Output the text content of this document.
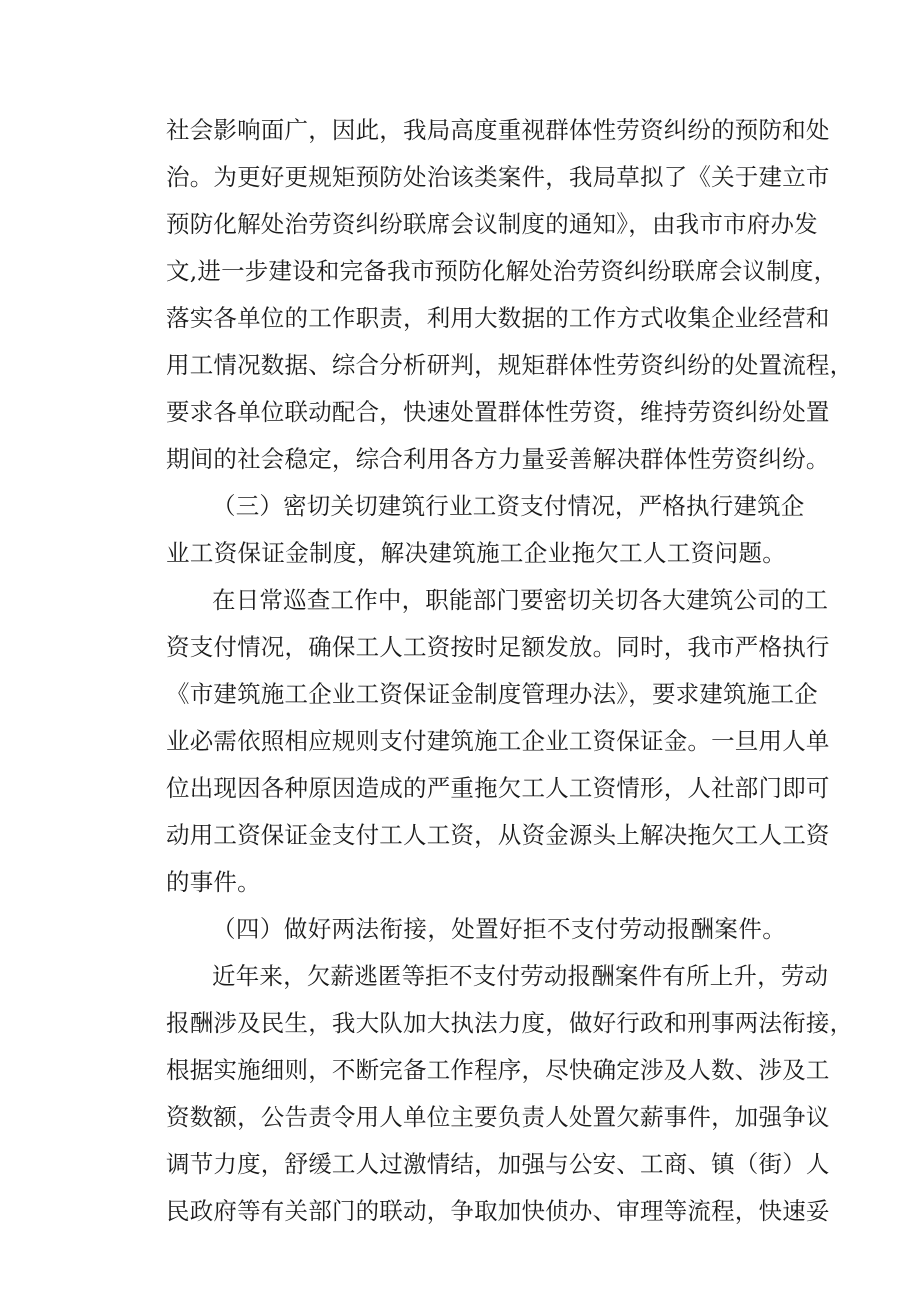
社会影响面广，因此，我局高度重视群体性劳资纠纷的预防和处
治。为更好更规矩预防处治该类案件，我局草拟了《关于建立市
预防化解处治劳资纠纷联席会议制度的通知》，由我市市府办发
文,进一步建设和完备我市预防化解处治劳资纠纷联席会议制度，
落实各单位的工作职责，利用大数据的工作方式收集企业经营和
用工情况数据、综合分析研判，规矩群体性劳资纠纷的处置流程，
要求各单位联动配合，快速处置群体性劳资，维持劳资纠纷处置
期间的社会稳定，综合利用各方力量妥善解决群体性劳资纠纷。
（三）密切关切建筑行业工资支付情况，严格执行建筑企
业工资保证金制度，解决建筑施工企业拖欠工人工资问题。
在日常巡查工作中，职能部门要密切关切各大建筑公司的工
资支付情况，确保工人工资按时足额发放。同时，我市严格执行
《市建筑施工企业工资保证金制度管理办法》，要求建筑施工企
业必需依照相应规则支付建筑施工企业工资保证金。一旦用人单
位出现因各种原因造成的严重拖欠工人工资情形，人社部门即可
动用工资保证金支付工人工资，从资金源头上解决拖欠工人工资
的事件。
（四）做好两法衔接，处置好拒不支付劳动报酬案件。
近年来，欠薪逃匿等拒不支付劳动报酬案件有所上升，劳动
报酬涉及民生，我大队加大执法力度，做好行政和刑事两法衔接，
根据实施细则，不断完备工作程序，尽快确定涉及人数、涉及工
资数额，公告责令用人单位主要负责人处置欠薪事件，加强争议
调节力度，舒缓工人过激情结，加强与公安、工商、镇（街）人
民政府等有关部门的联动，争取加快侦办、审理等流程，快速妥
